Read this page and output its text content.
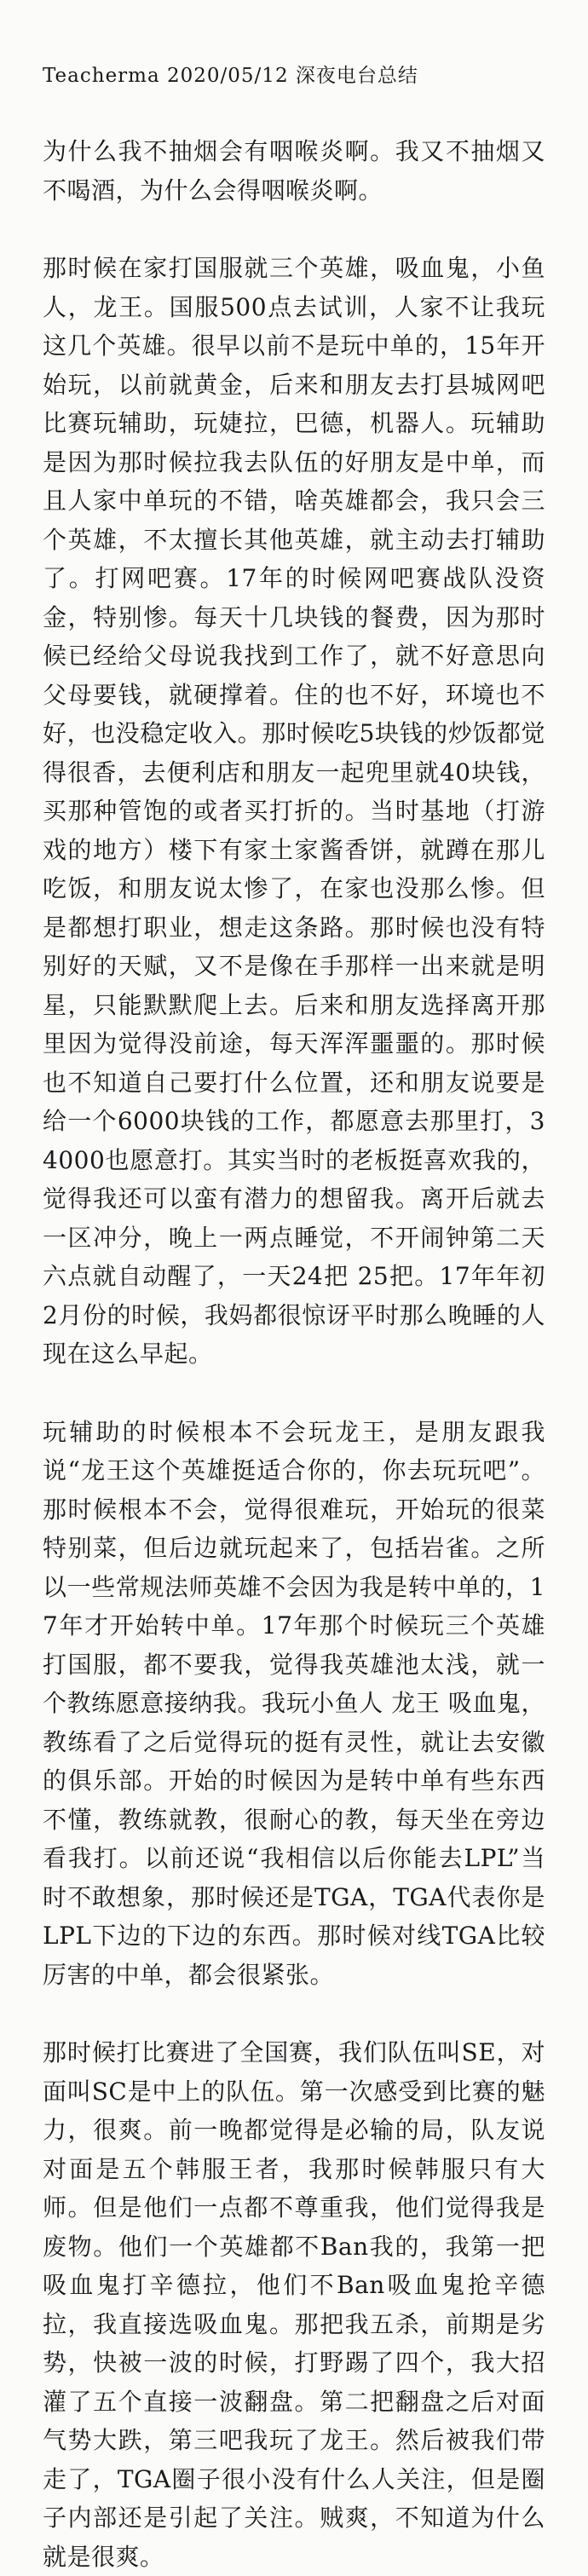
Teacherma 2020/05/12 深夜电台总结

为什么我不抽烟会有咽喉炎啊。我又不抽烟又不喝酒，为什么会得咽喉炎啊。

那时候在家打国服就三个英雄，吸血鬼，小鱼人，龙王。国服500点去试训，人家不让我玩这几个英雄。很早以前不是玩中单的，15年开始玩，以前就黄金，后来和朋友去打县城网吧比赛玩辅助，玩婕拉，巴德，机器人。玩辅助是因为那时候拉我去队伍的好朋友是中单，而且人家中单玩的不错，啥英雄都会，我只会三个英雄，不太擅长其他英雄，就主动去打辅助了。打网吧赛。17年的时候网吧赛战队没资金，特别惨。每天十几块钱的餐费，因为那时候已经给父母说我找到工作了，就不好意思向父母要钱，就硬撑着。住的也不好，环境也不好，也没稳定收入。那时候吃5块钱的炒饭都觉得很香，去便利店和朋友一起兜里就40块钱，买那种管饱的或者买打折的。当时基地（打游戏的地方）楼下有家土家酱香饼，就蹲在那儿吃饭，和朋友说太惨了，在家也没那么惨。但是都想打职业，想走这条路。那时候也没有特别好的天赋，又不是像在手那样一出来就是明星，只能默默爬上去。后来和朋友选择离开那里因为觉得没前途，每天浑浑噩噩的。那时候也不知道自己要打什么位置，还和朋友说要是给一个6000块钱的工作，都愿意去那里打，3 4000也愿意打。其实当时的老板挺喜欢我的，觉得我还可以蛮有潜力的想留我。离开后就去一区冲分，晚上一两点睡觉，不开闹钟第二天六点就自动醒了，一天24把 25把。17年年初2月份的时候，我妈都很惊讶平时那么晚睡的人现在这么早起。

玩辅助的时候根本不会玩龙王，是朋友跟我说“龙王这个英雄挺适合你的，你去玩玩吧”。那时候根本不会，觉得很难玩，开始玩的很菜特别菜，但后边就玩起来了，包括岩雀。之所以一些常规法师英雄不会因为我是转中单的，17年才开始转中单。17年那个时候玩三个英雄打国服，都不要我，觉得我英雄池太浅，就一个教练愿意接纳我。我玩小鱼人 龙王 吸血鬼，教练看了之后觉得玩的挺有灵性，就让去安徽的俱乐部。开始的时候因为是转中单有些东西不懂，教练就教，很耐心的教，每天坐在旁边看我打。以前还说“我相信以后你能去LPL”当时不敢想象，那时候还是TGA，TGA代表你是LPL下边的下边的东西。那时候对线TGA比较厉害的中单，都会很紧张。

那时候打比赛进了全国赛，我们队伍叫SE，对面叫SC是中上的队伍。第一次感受到比赛的魅力，很爽。前一晚都觉得是必输的局，队友说对面是五个韩服王者，我那时候韩服只有大师。但是他们一点都不尊重我，他们觉得我是废物。他们一个英雄都不Ban我的，我第一把吸血鬼打辛德拉，他们不Ban吸血鬼抢辛德拉，我直接选吸血鬼。那把我五杀，前期是劣势，快被一波的时候，打野踢了四个，我大招灌了五个直接一波翻盘。第二把翻盘之后对面气势大跌，第三吧我玩了龙王。然后被我们带走了，TGA圈子很小没有什么人关注，但是圈子内部还是引起了关注。贼爽，不知道为什么就是很爽。
